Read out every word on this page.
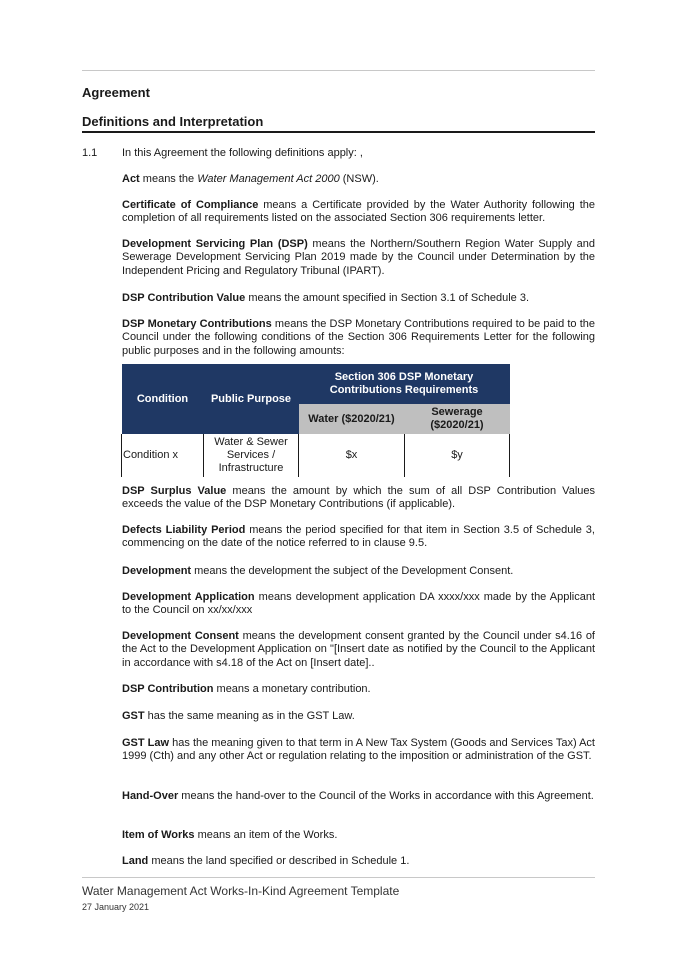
Agreement
Definitions and Interpretation
1.1	In this Agreement the following definitions apply: ,

Act means the Water Management Act 2000 (NSW).

Certificate of Compliance means a Certificate provided by the Water Authority following the completion of all requirements listed on the associated Section 306 requirements letter.

Development Servicing Plan (DSP) means the Northern/Southern Region Water Supply and Sewerage Development Servicing Plan 2019 made by the Council under Determination by the Independent Pricing and Regulatory Tribunal (IPART).

DSP Contribution Value means the amount specified in Section 3.1 of Schedule 3.

DSP Monetary Contributions means the DSP Monetary Contributions required to be paid to the Council under the following conditions of the Section 306 Requirements Letter for the following public purposes and in the following amounts:

Condition	Public Purpose	Section 306 DSP Monetary Contributions Requirements	
		Water ($2020/21)	Sewerage ($2020/21)
Condition x	Water & Sewer Services / Infrastructure	$x	$y

DSP Surplus Value means the amount by which the sum of all DSP Contribution Values exceeds the value of the DSP Monetary Contributions (if applicable).

Defects Liability Period means the period specified for that item in Section 3.5 of Schedule 3, commencing on the date of the notice referred to in clause 9.5.

Development means the development the subject of the Development Consent.

Development Application means development application DA xxxx/xxx made by the Applicant to the Council on xx/xx/xxx

Development Consent means the development consent granted by the Council under s4.16 of the Act to the Development Application on "[Insert date as notified by the Council to the Applicant in accordance with s4.18 of the Act on [Insert date]..

DSP Contribution means a monetary contribution.

GST has the same meaning as in the GST Law.

GST Law has the meaning given to that term in A New Tax System (Goods and Services Tax) Act 1999 (Cth) and any other Act or regulation relating to the imposition or administration of the GST.

Hand-Over means the hand-over to the Council of the Works in accordance with this Agreement.

Item of Works means an item of the Works.

Land means the land specified or described in Schedule 1.

Water Management Act Works-In-Kind Agreement Template
27 January 2021
